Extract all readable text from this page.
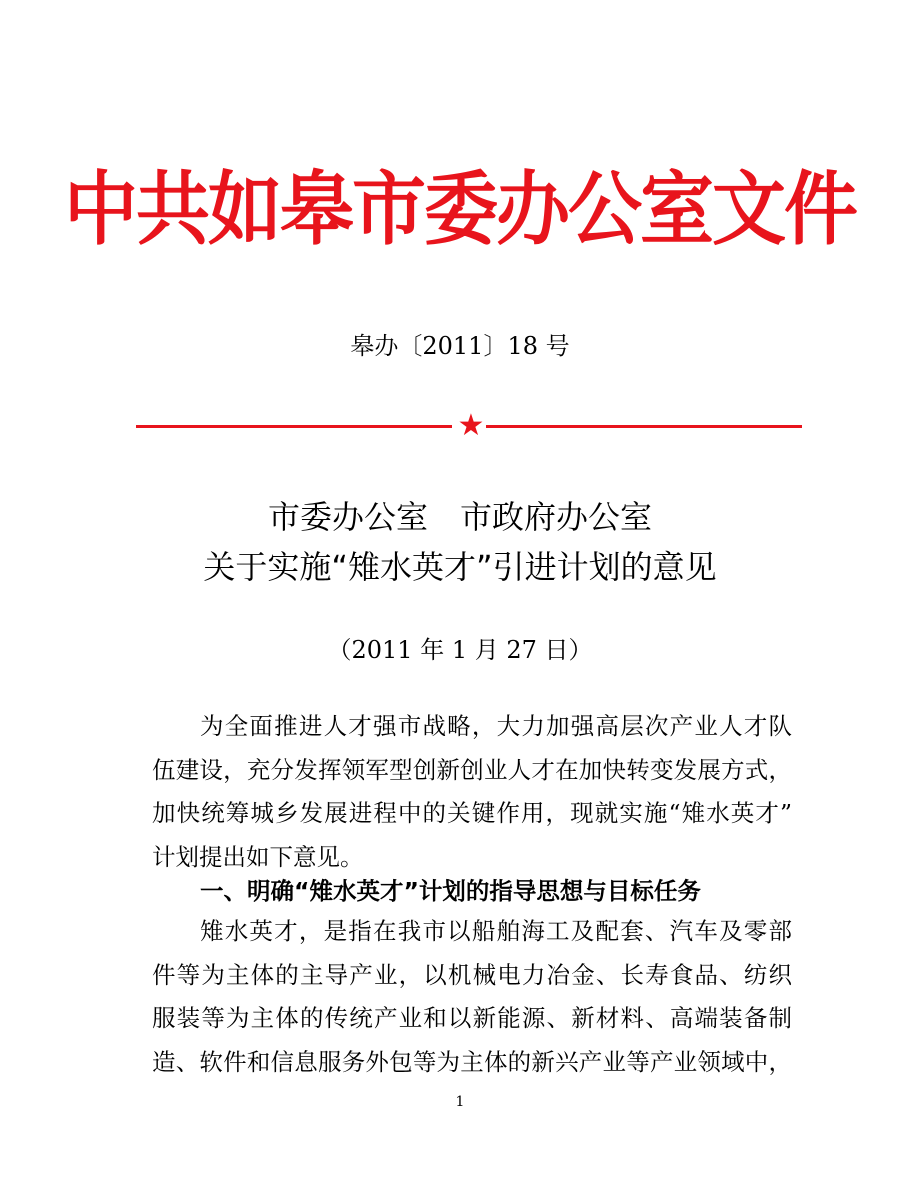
中共如皋市委办公室文件
皋办〔2011〕18 号
★
市委办公室　市政府办公室
关于实施“雉水英才”引进计划的意见
（2011 年 1 月 27 日）
为全面推进人才强市战略，大力加强高层次产业人才队
伍建设，充分发挥领军型创新创业人才在加快转变发展方式，
加快统筹城乡发展进程中的关键作用，现就实施“雉水英才”
计划提出如下意见。
一、明确“雉水英才”计划的指导思想与目标任务
雉水英才，是指在我市以船舶海工及配套、汽车及零部
件等为主体的主导产业，以机械电力冶金、长寿食品、纺织
服装等为主体的传统产业和以新能源、新材料、高端装备制
造、软件和信息服务外包等为主体的新兴产业等产业领域中，
1
